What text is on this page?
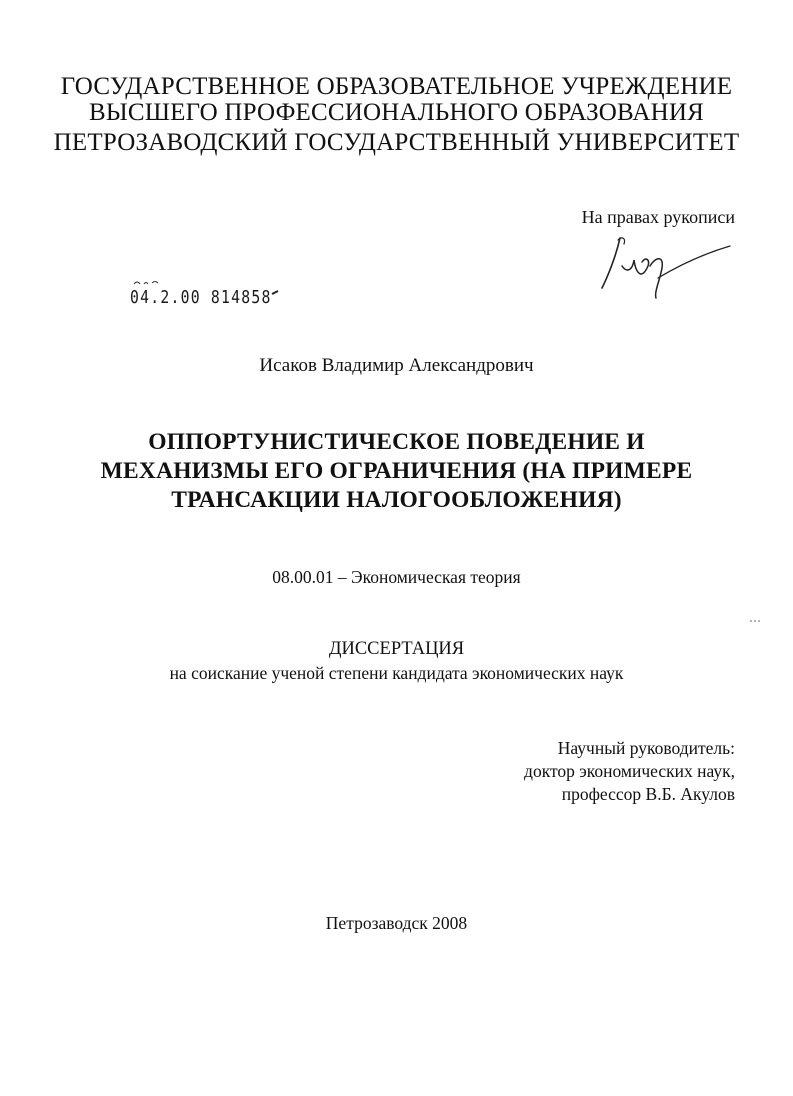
ГОСУДАРСТВЕННОЕ ОБРАЗОВАТЕЛЬНОЕ УЧРЕЖДЕНИЕ
ВЫСШЕГО ПРОФЕССИОНАЛЬНОГО ОБРАЗОВАНИЯ
ПЕТРОЗАВОДСКИЙ ГОСУДАРСТВЕННЫЙ УНИВЕРСИТЕТ
На правах рукописи
04.2.00 814858
Исаков Владимир Александрович
ОППОРТУНИСТИЧЕСКОЕ ПОВЕДЕНИЕ И
МЕХАНИЗМЫ ЕГО ОГРАНИЧЕНИЯ (НА ПРИМЕРЕ
ТРАНСАКЦИИ НАЛОГООБЛОЖЕНИЯ)
08.00.01 – Экономическая теория
ДИССЕРТАЦИЯ
на соискание ученой степени кандидата экономических наук
Научный руководитель:
доктор экономических наук,
профессор В.Б. Акулов
Петрозаводск 2008
